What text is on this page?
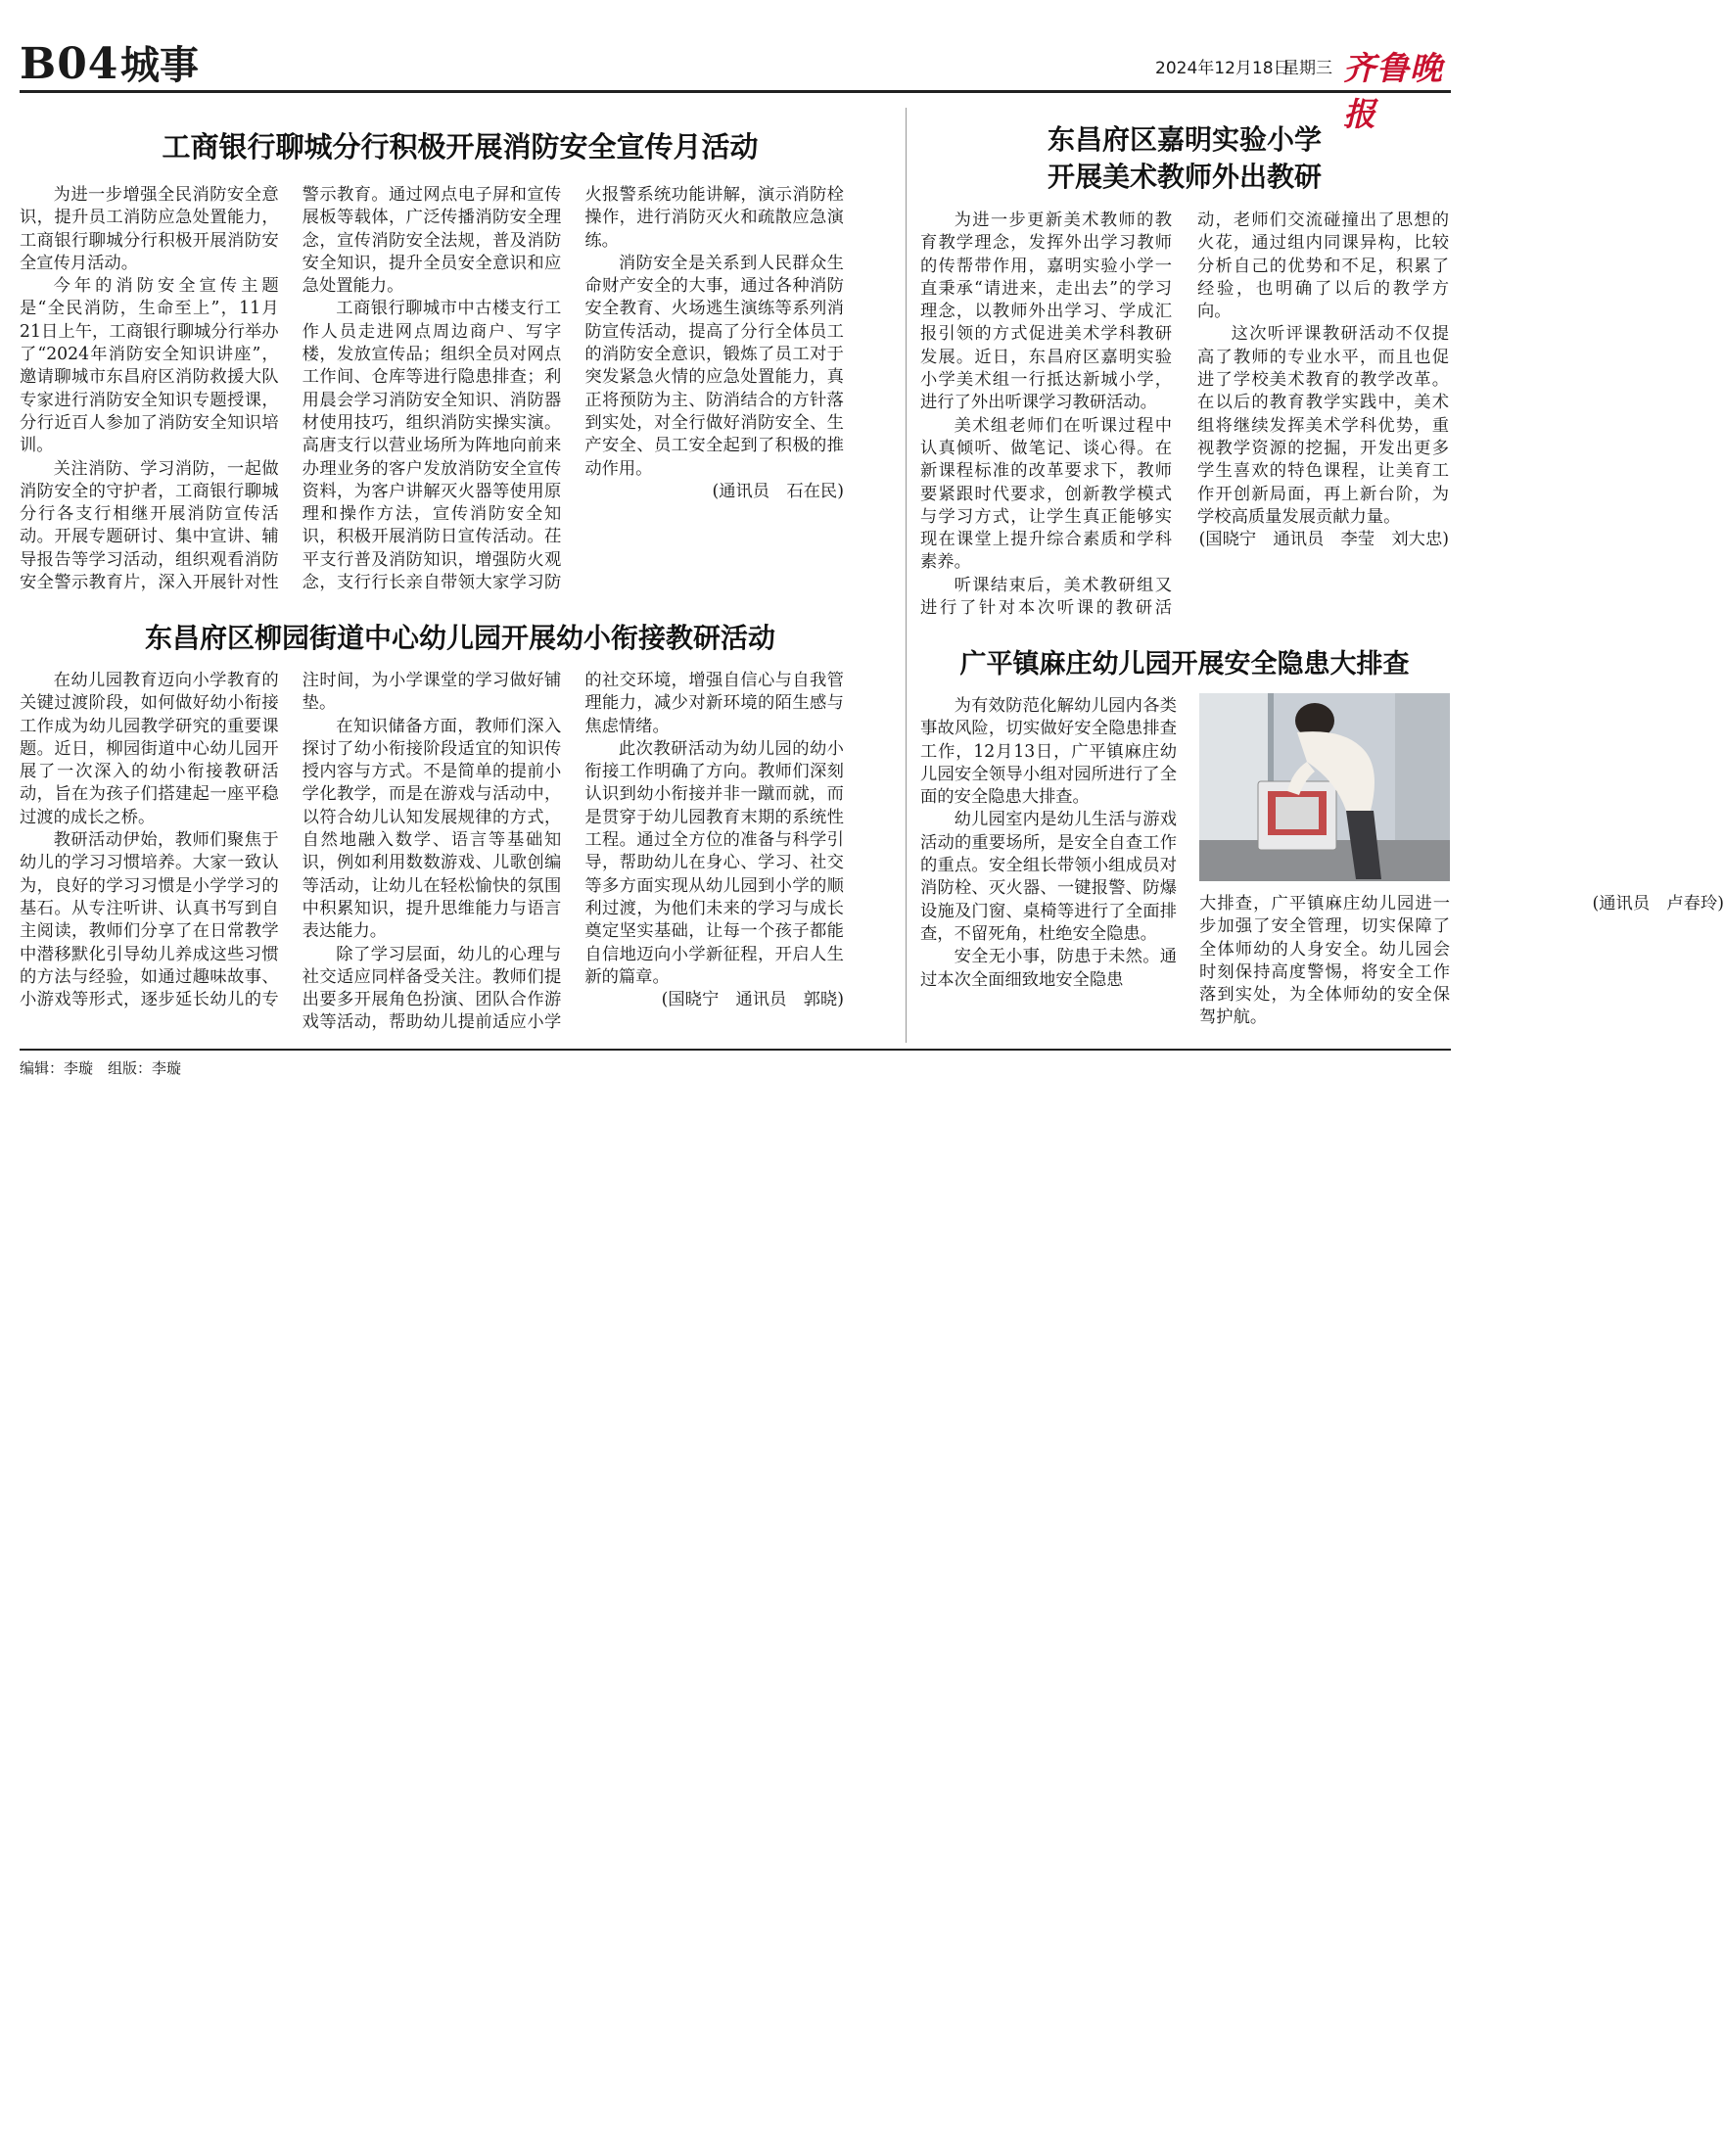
B04 城事	2024年12月18日
星期三 齐鲁晚报
工商银行聊城分行积极开展消防安全宣传月活动

为进一步增强全民消防安全意识，提升员工消防应急处置能力，工商银行聊城分行积极开展消防安全宣传月活动。

今年的消防安全宣传主题是“全民消防，生命至上”，11月21日上午，工商银行聊城分行举办了“2024年消防安全知识讲座”，邀请聊城市东昌府区消防救援大队专家进行消防安全知识专题授课，分行近百人参加了消防安全知识培训。

关注消防、学习消防，一起做消防安全的守护者，工商银行聊城分行各支行相继开展消防宣传活动。开展专题研讨、集中宣讲、辅导报告等学习活动，组织观看消防安全警示教育片，深入开展针对性警示教育。通过网点电子屏和宣传展板等载体，广泛传播消防安全理念，宣传消防安全法规，普及消防安全知识，提升全员安全意识和应急处置能力。

工商银行聊城市中古楼支行工作人员走进网点周边商户、写字楼，发放宣传品；组织全员对网点工作间、仓库等进行隐患排查；利用晨会学习消防安全知识、消防器材使用技巧，组织消防实操实演。高唐支行以营业场所为阵地向前来办理业务的客户发放消防安全宣传资料，为客户讲解灭火器等使用原理和操作方法，宣传消防安全知识，积极开展消防日宣传活动。茌平支行普及消防知识，增强防火观念，支行行长亲自带领大家学习防火报警系统功能讲解，演示消防栓操作，进行消防灭火和疏散应急演练。

消防安全是关系到人民群众生命财产安全的大事，通过各种消防安全教育、火场逃生演练等系列消防宣传活动，提高了分行全体员工的消防安全意识，锻炼了员工对于突发紧急火情的应急处置能力，真正将预防为主、防消结合的方针落到实处，对全行做好消防安全、生产安全、员工安全起到了积极的推动作用。

(通讯员　石在民)

东昌府区柳园街道中心幼儿园开展幼小衔接教研活动

在幼儿园教育迈向小学教育的关键过渡阶段，如何做好幼小衔接工作成为幼儿园教学研究的重要课题。近日，柳园街道中心幼儿园开展了一次深入的幼小衔接教研活动，旨在为孩子们搭建起一座平稳过渡的成长之桥。

教研活动伊始，教师们聚焦于幼儿的学习习惯培养。大家一致认为，良好的学习习惯是小学学习的基石。从专注听讲、认真书写到自主阅读，教师们分享了在日常教学中潜移默化引导幼儿养成这些习惯的方法与经验，如通过趣味故事、小游戏等形式，逐步延长幼儿的专注时间，为小学课堂的学习做好铺垫。

在知识储备方面，教师们深入探讨了幼小衔接阶段适宜的知识传授内容与方式。不是简单的提前小学化教学，而是在游戏与活动中，以符合幼儿认知发展规律的方式，自然地融入数学、语言等基础知识，例如利用数数游戏、儿歌创编等活动，让幼儿在轻松愉快的氛围中积累知识，提升思维能力与语言表达能力。

除了学习层面，幼儿的心理与社交适应同样备受关注。教师们提出要多开展角色扮演、团队合作游戏等活动，帮助幼儿提前适应小学的社交环境，增强自信心与自我管理能力，减少对新环境的陌生感与焦虑情绪。

此次教研活动为幼儿园的幼小衔接工作明确了方向。教师们深刻认识到幼小衔接并非一蹴而就，而是贯穿于幼儿园教育末期的系统性工程。通过全方位的准备与科学引导，帮助幼儿在身心、学习、社交等多方面实现从幼儿园到小学的顺利过渡，为他们未来的学习与成长奠定坚实基础，让每一个孩子都能自信地迈向小学新征程，开启人生新的篇章。

(国晓宁　通讯员　郭晓)

东昌府区嘉明实验小学
开展美术教师外出教研

为进一步更新美术教师的教育教学理念，发挥外出学习教师的传帮带作用，嘉明实验小学一直秉承“请进来，走出去”的学习理念，以教师外出学习、学成汇报引领的方式促进美术学科教研发展。近日，东昌府区嘉明实验小学美术组一行抵达新城小学，进行了外出听课学习教研活动。

美术组老师们在听课过程中认真倾听、做笔记、谈心得。在新课程标准的改革要求下，教师要紧跟时代要求，创新教学模式与学习方式，让学生真正能够实现在课堂上提升综合素质和学科素养。

听课结束后，美术教研组又进行了针对本次听课的教研活动，老师们交流碰撞出了思想的火花，通过组内同课异构，比较分析自己的优势和不足，积累了经验，也明确了以后的教学方向。

这次听评课教研活动不仅提高了教师的专业水平，而且也促进了学校美术教育的教学改革。在以后的教育教学实践中，美术组将继续发挥美术学科优势，重视教学资源的挖掘，开发出更多学生喜欢的特色课程，让美育工作开创新局面，再上新台阶，为学校高质量发展贡献力量。

(国晓宁　通讯员　李莹　刘大忠)

广平镇麻庄幼儿园开展安全隐患大排查

为有效防范化解幼儿园内各类事故风险，切实做好安全隐患排查工作，12月13日，广平镇麻庄幼儿园安全领导小组对园所进行了全面的安全隐患大排查。

幼儿园室内是幼儿生活与游戏活动的重要场所，是安全自查工作的重点。安全组长带领小组成员对消防栓、灭火器、一键报警、防爆设施及门窗、桌椅等进行了全面排查，不留死角，杜绝安全隐患。

安全无小事，防患于未然。通过本次全面细致地安全隐患

大排查，广平镇麻庄幼儿园进一步加强了安全管理，切实保障了全体师幼的人身安全。幼儿园会时刻保持高度警惕，将安全工作落到实处，为全体师幼的安全保驾护航。

(通讯员　卢春玲)

编辑：李璇　组版：李璇
